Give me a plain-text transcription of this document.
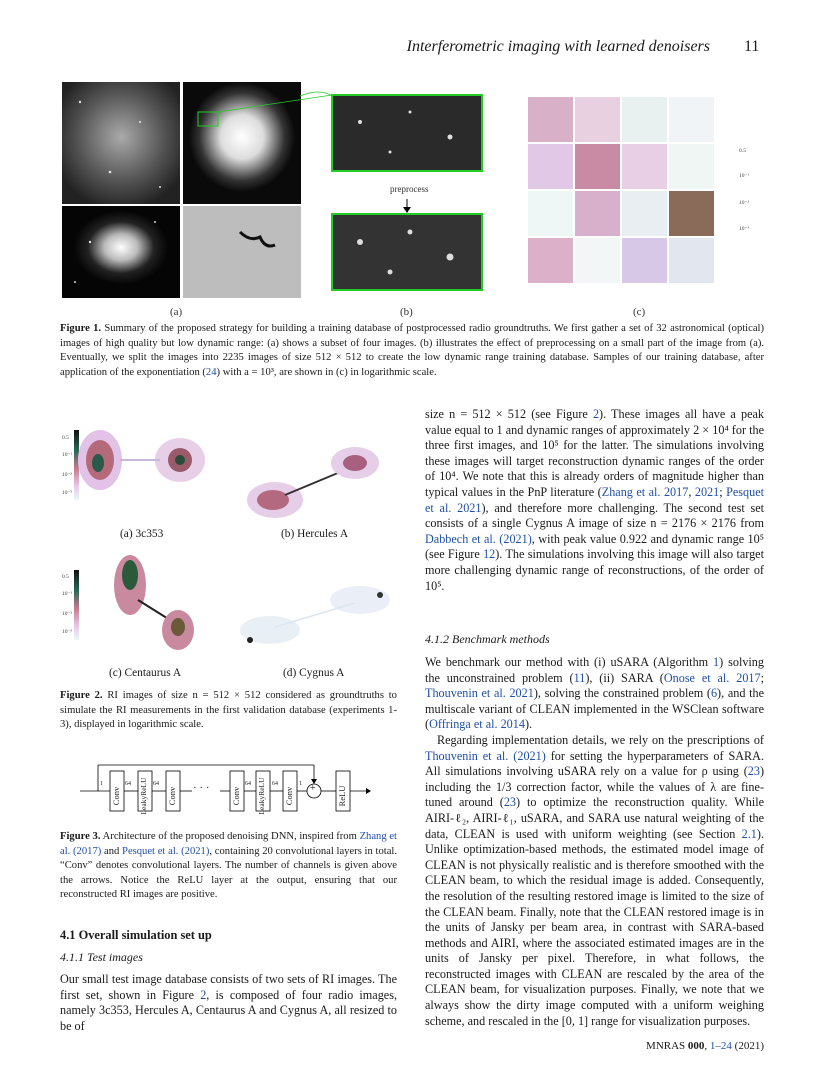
Interferometric imaging with learned denoisers 11
0.5
10⁻¹
10⁻²
10⁻³
preprocess
(a)	(b)	(c)
Figure 1. Summary of the proposed strategy for building a training database of postprocessed radio groundtruths. We first gather a set of 32 astronomical (optical) images of high quality but low dynamic range: (a) shows a subset of four images. (b) illustrates the effect of preprocessing on a small part of the image from (a). Eventually, we split the images into 2235 images of size 512 × 512 to create the low dynamic range training database. Samples of our training database, after application of the exponentiation (24) with a = 10³, are shown in (c) in logarithmic scale.
0.5
10⁻¹
10⁻²
10⁻³
0.5
10⁻¹
10⁻²
10⁻³
(a) 3c353	(b) Hercules A
(c) Centaurus A	(d) Cygnus A
Figure 2. RI images of size n = 512 × 512 considered as groundtruths to simulate the RI measurements in the first validation database (experiments 1-3), displayed in logarithmic scale.
Conv LeakyReLU Conv	Conv LeakyReLU Conv	ReLU
1	64	64	64	64	1
· · ·	+
Figure 3. Architecture of the proposed denoising DNN, inspired from Zhang et al. (2017) and Pesquet et al. (2021), containing 20 convolutional layers in total. “Conv” denotes convolutional layers. The number of channels is given above the arrows. Notice the ReLU layer at the output, ensuring that our reconstructed RI images are positive.
4.1 Overall simulation set up
4.1.1 Test images

Our small test image database consists of two sets of RI images. The first set, shown in Figure 2, is composed of four radio images, namely 3c353, Hercules A, Centaurus A and Cygnus A, all resized to be of

size n = 512 × 512 (see Figure 2). These images all have a peak value equal to 1 and dynamic ranges of approximately 2 × 10⁴ for the three first images, and 10⁵ for the latter. The simulations involving these images will target reconstruction dynamic ranges of the order of 10⁴. We note that this is already orders of magnitude higher than typical values in the PnP literature (Zhang et al. 2017, 2021; Pesquet et al. 2021), and therefore more challenging. The second test set consists of a single Cygnus A image of size n = 2176 × 2176 from Dabbech et al. (2021), with peak value 0.922 and dynamic range 10⁵ (see Figure 12). The simulations involving this image will also target more challenging dynamic range of reconstructions, of the order of 10⁵.

4.1.2 Benchmark methods

We benchmark our method with (i) uSARA (Algorithm 1) solving the unconstrained problem (11), (ii) SARA (Onose et al. 2017; Thouvenin et al. 2021), solving the constrained problem (6), and the multiscale variant of CLEAN implemented in the WSClean software (Offringa et al. 2014).

Regarding implementation details, we rely on the prescriptions of Thouvenin et al. (2021) for setting the hyperparameters of SARA. All simulations involving uSARA rely on a value for ρ using (23) including the 1/3 correction factor, while the values of λ are fine-tuned around (23) to optimize the reconstruction quality. While AIRI-ℓ₂, AIRI-ℓ₁, uSARA, and SARA use natural weighting of the data, CLEAN is used with uniform weighting (see Section 2.1). Unlike optimization-based methods, the estimated model image of CLEAN is not physically realistic and is therefore smoothed with the CLEAN beam, to which the residual image is added. Consequently, the resolution of the resulting restored image is limited to the size of the CLEAN beam. Finally, note that the CLEAN restored image is in the units of Jansky per beam area, in contrast with SARA-based methods and AIRI, where the associated estimated images are in the units of Jansky per pixel. Therefore, in what follows, the reconstructed images with CLEAN are rescaled by the area of the CLEAN beam, for visualization purposes. Finally, we note that we always show the dirty image computed with a uniform weighing scheme, and rescaled in the [0, 1] range for visualization purposes.

MNRAS 000, 1–24 (2021)
